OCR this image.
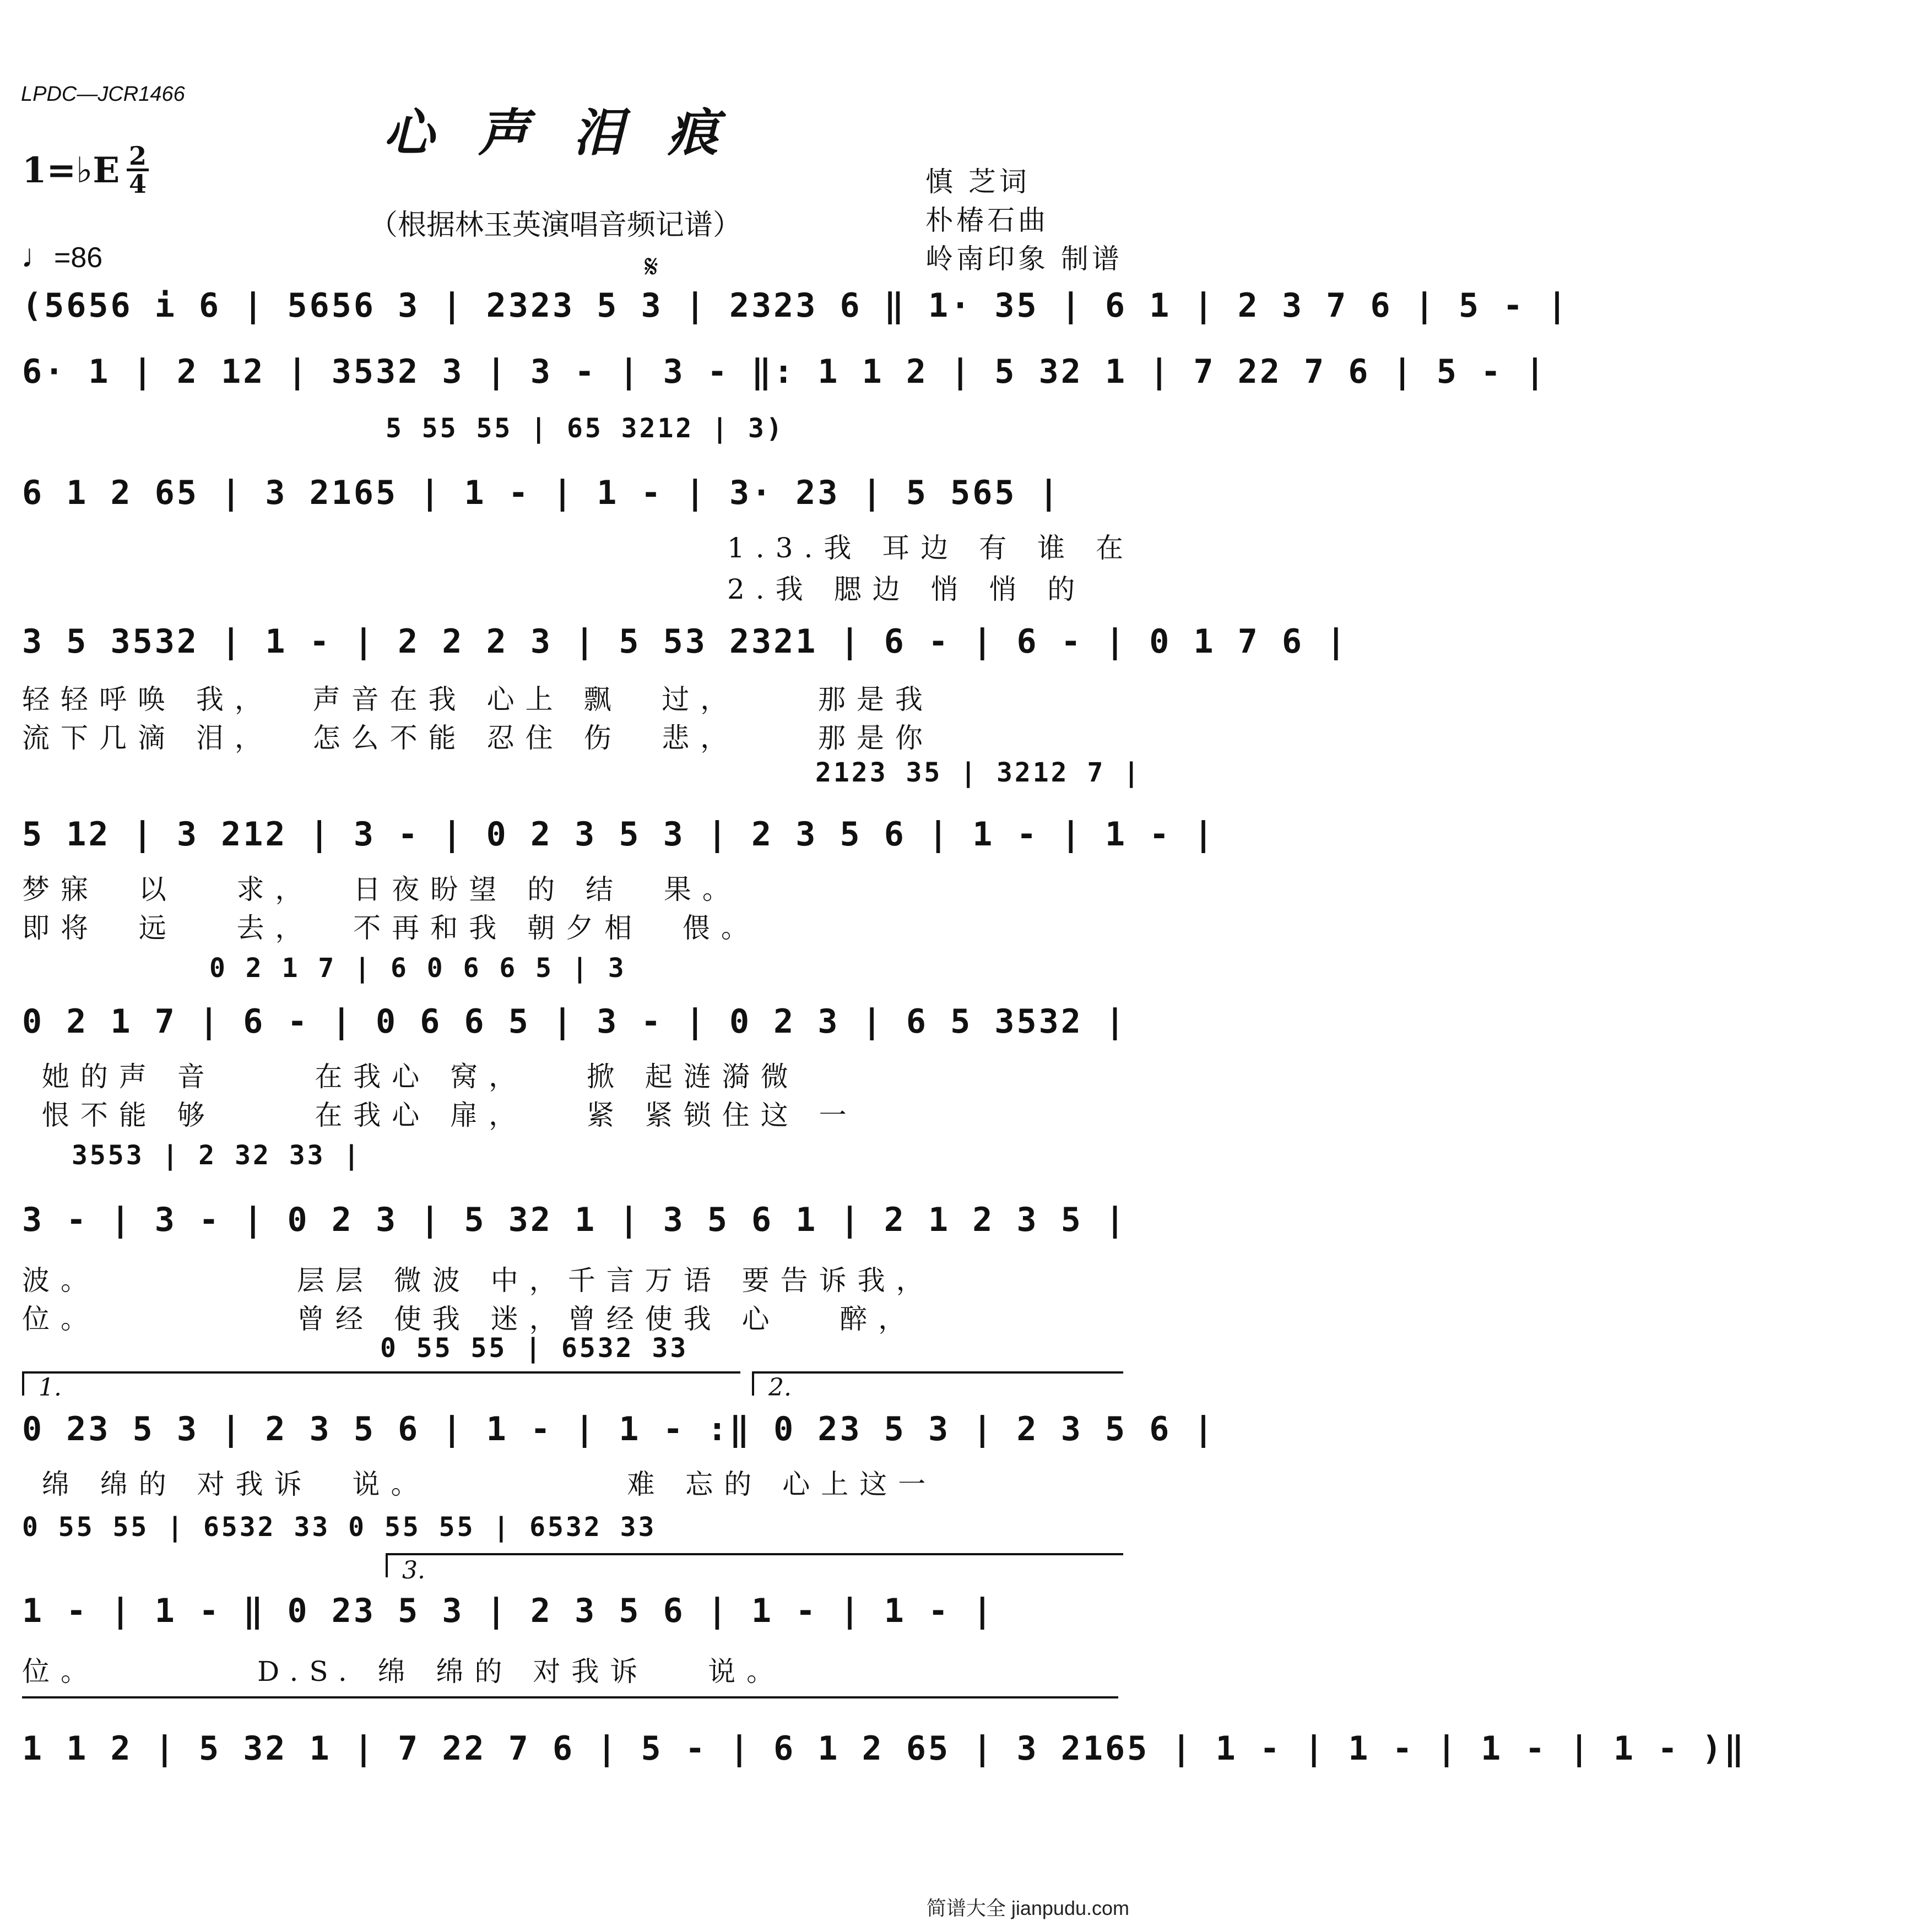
LPDC—JCR1466
心声泪痕
1=♭E 2
4
（根据林玉英演唱音频记谱）
慎 芝词
朴椿石曲
岭南印象 制谱
♩=86	𝄋
(5656 i 6 | 5656 3 | 2323 5 3 | 2323 6 ‖ 1· 35 | 6 1 | 2 3 7 6 | 5 - |
6· 1 | 2 12 | 3532 3 | 3 - | 3 - ‖: 1 1 2 | 5 32 1 | 7 22 7 6 | 5 - |
5 55 55 | 65 3212 | 3)
6 1 2 65 | 3 2165 | 1 - | 1 - | 3· 23 | 5 565 |
1.3.我 耳边 有 谁 在
2.我 腮边 悄 悄 的
3 5 3532 | 1 - | 2 2 2 3 | 5 53 2321 | 6 - | 6 - | 0 1 7 6 |
轻轻呼唤 我，  声音在我 心上 飘  过，    那是我
流下几滴 泪，  怎么不能 忍住 伤  悲，    那是你
2123 35 | 3212 7 |
5 12 | 3 212 | 3 - | 0 2 3 5 3 | 2 3 5 6 | 1 - | 1 - |
梦寐  以   求，  日夜盼望 的 结  果。
即将  远   去，  不再和我 朝夕相  偎。
0 2 1 7 | 6 0 6 6 5 | 3
0 2 1 7 | 6 - | 0 6 6 5 | 3 - | 0 2 3 | 6 5 3532 |
她的声 音     在我心 窝，   掀 起涟漪微
恨不能 够     在我心 扉，   紧 紧锁住这 一
3553 | 2 32 33 |
3 - | 3 - | 0 2 3 | 5 32 1 | 3 5 6 1 | 2 1 2 3 5 |
波。          层层 微波 中，千言万语 要告诉我，
位。          曾经 使我 迷，曾经使我 心   醉，
0 55 55 | 6532 33
1.	2.
0 23 5 3 | 2 3 5 6 | 1 - | 1 - :‖ 0 23 5 3 | 2 3 5 6 |
绵 绵的 对我诉  说。          难 忘的 心上这一
0 55 55 | 6532 33 0 55 55 | 6532 33
3.
1 - | 1 - ‖ 0 23 5 3 | 2 3 5 6 | 1 - | 1 - |
位。        D.S. 绵 绵的 对我诉   说。
1 1 2 | 5 32 1 | 7 22 7 6 | 5 - | 6 1 2 65 | 3 2165 | 1 - | 1 - | 1 - | 1 - )‖
简谱大全 jianpudu.com
